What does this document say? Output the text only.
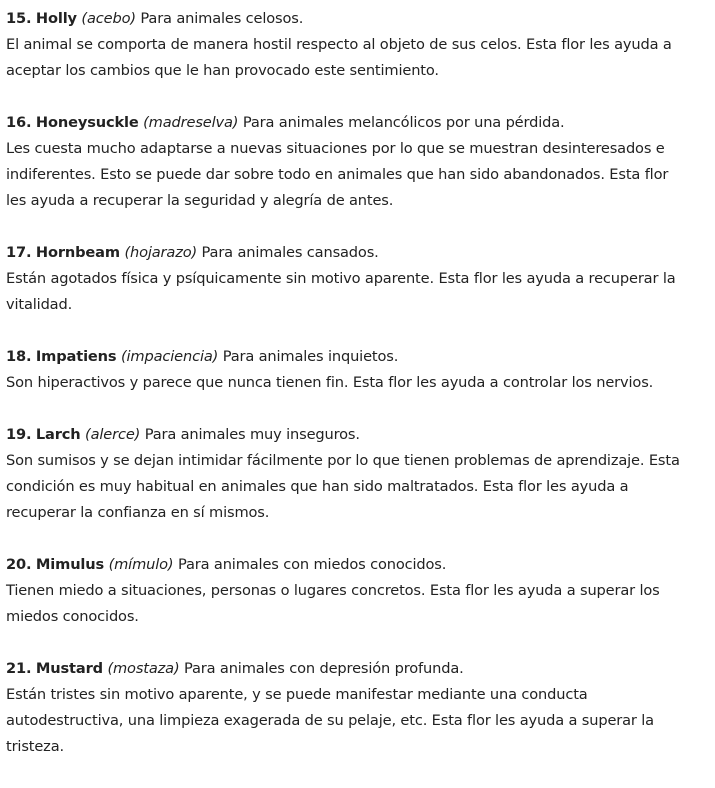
15. Holly (acebo) Para animales celosos.
El animal se comporta de manera hostil respecto al objeto de sus celos. Esta flor les ayuda a
aceptar los cambios que le han provocado este sentimiento.
16. Honeysuckle (madreselva) Para animales melancólicos por una pérdida.
Les cuesta mucho adaptarse a nuevas situaciones por lo que se muestran desinteresados e
indiferentes. Esto se puede dar sobre todo en animales que han sido abandonados. Esta flor
les ayuda a recuperar la seguridad y alegría de antes.
17. Hornbeam (hojarazo) Para animales cansados.
Están agotados física y psíquicamente sin motivo aparente. Esta flor les ayuda a recuperar la
vitalidad.
18. Impatiens (impaciencia) Para animales inquietos.
Son hiperactivos y parece que nunca tienen fin. Esta flor les ayuda a controlar los nervios.
19. Larch (alerce) Para animales muy inseguros.
Son sumisos y se dejan intimidar fácilmente por lo que tienen problemas de aprendizaje. Esta
condición es muy habitual en animales que han sido maltratados. Esta flor les ayuda a
recuperar la confianza en sí mismos.
20. Mimulus (mímulo) Para animales con miedos conocidos.
Tienen miedo a situaciones, personas o lugares concretos. Esta flor les ayuda a superar los
miedos conocidos.
21. Mustard (mostaza) Para animales con depresión profunda.
Están tristes sin motivo aparente, y se puede manifestar mediante una conducta
autodestructiva, una limpieza exagerada de su pelaje, etc. Esta flor les ayuda a superar la
tristeza.
